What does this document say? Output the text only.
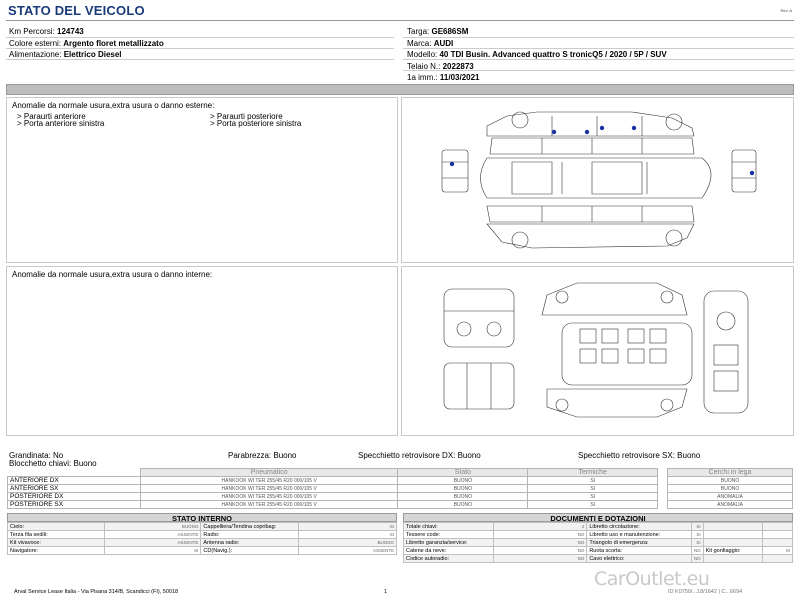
STATO DEL VEICOLO	Rev. A
Km Percorsi: 124743
Colore esterni: Argento floret metallizzato
Alimentazione: Elettrico Diesel
Targa: GE686SM
Marca: AUDI
Modello: 40 TDI Busin. Advanced quattro S tronicQ5 / 2020 / 5P / SUV
Telaio N.: 2022873
1a imm.: 11/03/2021
Anomalie da normale usura,extra usura o danno esterne:
> Paraurti anteriore
> Porta anteriore sinistra
> Paraurti posteriore
> Porta posteriore sinistra
Anomalie da normale usura,extra usura o danno interne:
Grandinata: No	Parabrezza: Buono	Specchietto retrovisore DX: Buono	Specchietto retrovisore SX: Buono
Blocchetto chiavi: Buono
	Pneumatico	Stato	Termiche		Cerchi in lega
ANTERIORE DX	HANKOOK WI TER 255/45 R20 000/105 V	BUONO	SI		BUONO
ANTERIORE SX	HANKOOK WI TER 255/45 R20 000/105 V	BUONO	SI		BUONO
POSTERIORE DX	HANKOOK WI TER 255/45 R20 000/105 V	BUONO	SI		ANOMALIA
POSTERIORE SX	HANKOOK WI TER 255/45 R20 000/105 V	BUONO	SI		ANOMALIA
STATO INTERNO
Cielo:	BUONO	Cappelliera/Tendina copribag:	SI
Terza fila sedili:	ASSENTE	Radio:	SI
Kit vivavoce:	ASSENTE	Antenna radio:	BUONO
Navigatore:	SI	CD(Navig.):	ASSENTE
DOCUMENTI E DOTAZIONI
Totale chiavi:	2	Libretto circolazione:	SI		
Tessere code:	NO	Libretto uso e manutenzione:	SI		
Libretto garanzia/service:	NO	Triangolo di emergenza:	SI		
Catene da neve:	NO	Ruota scorta:	NO	Kit gonfiaggio:	SI
Codice autoradio:	NO	Cavo elettrico:	NO		
Arval Service Lease Italia - Via Pisana 314/B, Scandicci (FI), 50018	1	ID K0750/...18/1642 | C...6694
CarOutlet.eu
